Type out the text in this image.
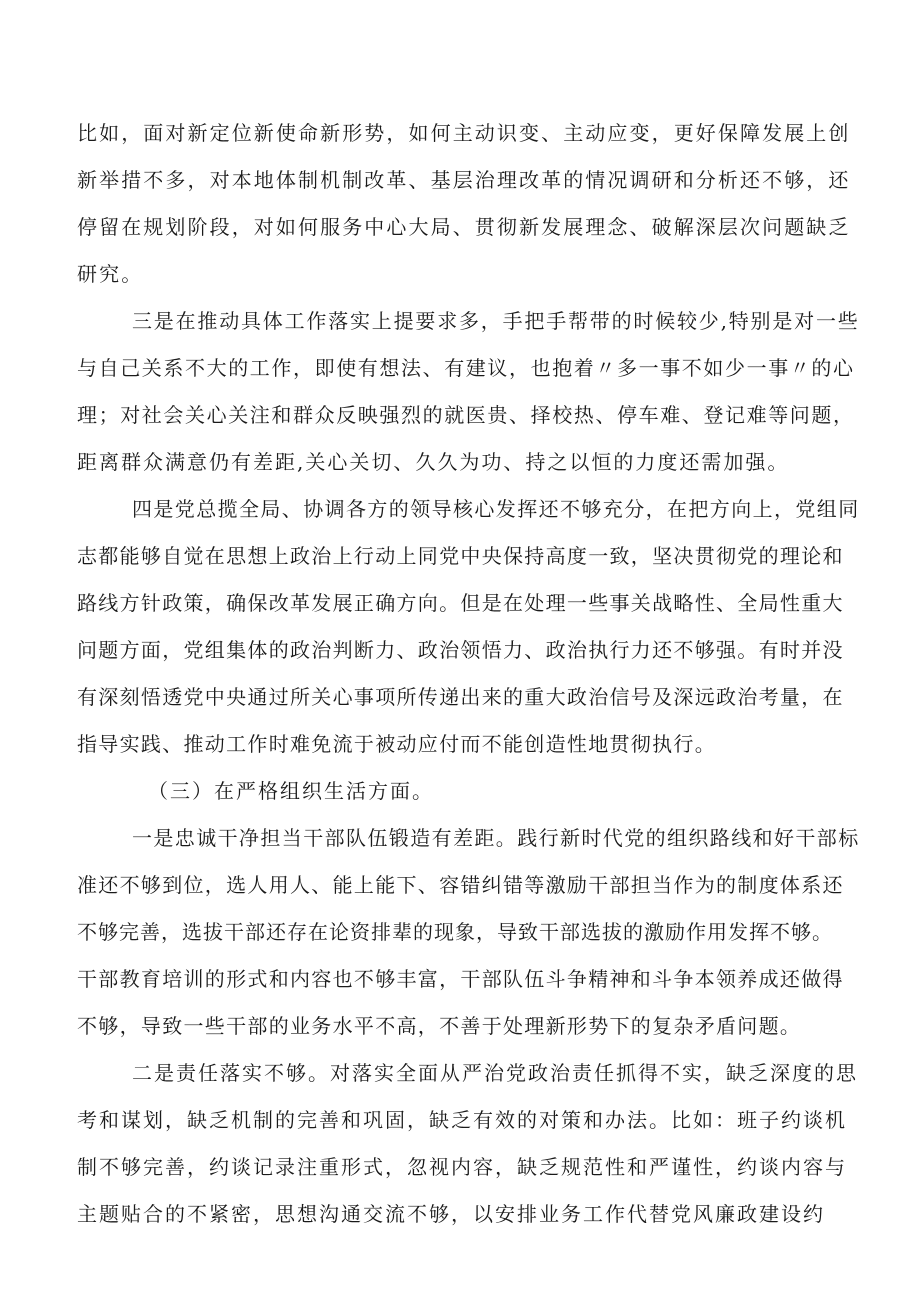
比如，面对新定位新使命新形势，如何主动识变、主动应变，更好保障发展上创
新举措不多，对本地体制机制改革、基层治理改革的情况调研和分析还不够，还
停留在规划阶段，对如何服务中心大局、贯彻新发展理念、破解深层次问题缺乏
研究。
三是在推动具体工作落实上提要求多，手把手帮带的时候较少,特别是对一些
与自己关系不大的工作，即使有想法、有建议，也抱着〃多一事不如少一事〃的心
理；对社会关心关注和群众反映强烈的就医贵、择校热、停车难、登记难等问题，
距离群众满意仍有差距,关心关切、久久为功、持之以恒的力度还需加强。
四是党总揽全局、协调各方的领导核心发挥还不够充分，在把方向上，党组同
志都能够自觉在思想上政治上行动上同党中央保持高度一致，坚决贯彻党的理论和
路线方针政策，确保改革发展正确方向。但是在处理一些事关战略性、全局性重大
问题方面，党组集体的政治判断力、政治领悟力、政治执行力还不够强。有时并没
有深刻悟透党中央通过所关心事项所传递出来的重大政治信号及深远政治考量，在
指导实践、推动工作时难免流于被动应付而不能创造性地贯彻执行。
（三）在严格组织生活方面。
一是忠诚干净担当干部队伍锻造有差距。践行新时代党的组织路线和好干部标
准还不够到位，选人用人、能上能下、容错纠错等激励干部担当作为的制度体系还
不够完善，选拔干部还存在论资排辈的现象，导致干部选拔的激励作用发挥不够。
干部教育培训的形式和内容也不够丰富，干部队伍斗争精神和斗争本领养成还做得
不够，导致一些干部的业务水平不高，不善于处理新形势下的复杂矛盾问题。
二是责任落实不够。对落实全面从严治党政治责任抓得不实，缺乏深度的思
考和谋划，缺乏机制的完善和巩固，缺乏有效的对策和办法。比如：班子约谈机
制不够完善，约谈记录注重形式，忽视内容，缺乏规范性和严谨性，约谈内容与
主题贴合的不紧密，思想沟通交流不够，以安排业务工作代替党风廉政建设约
